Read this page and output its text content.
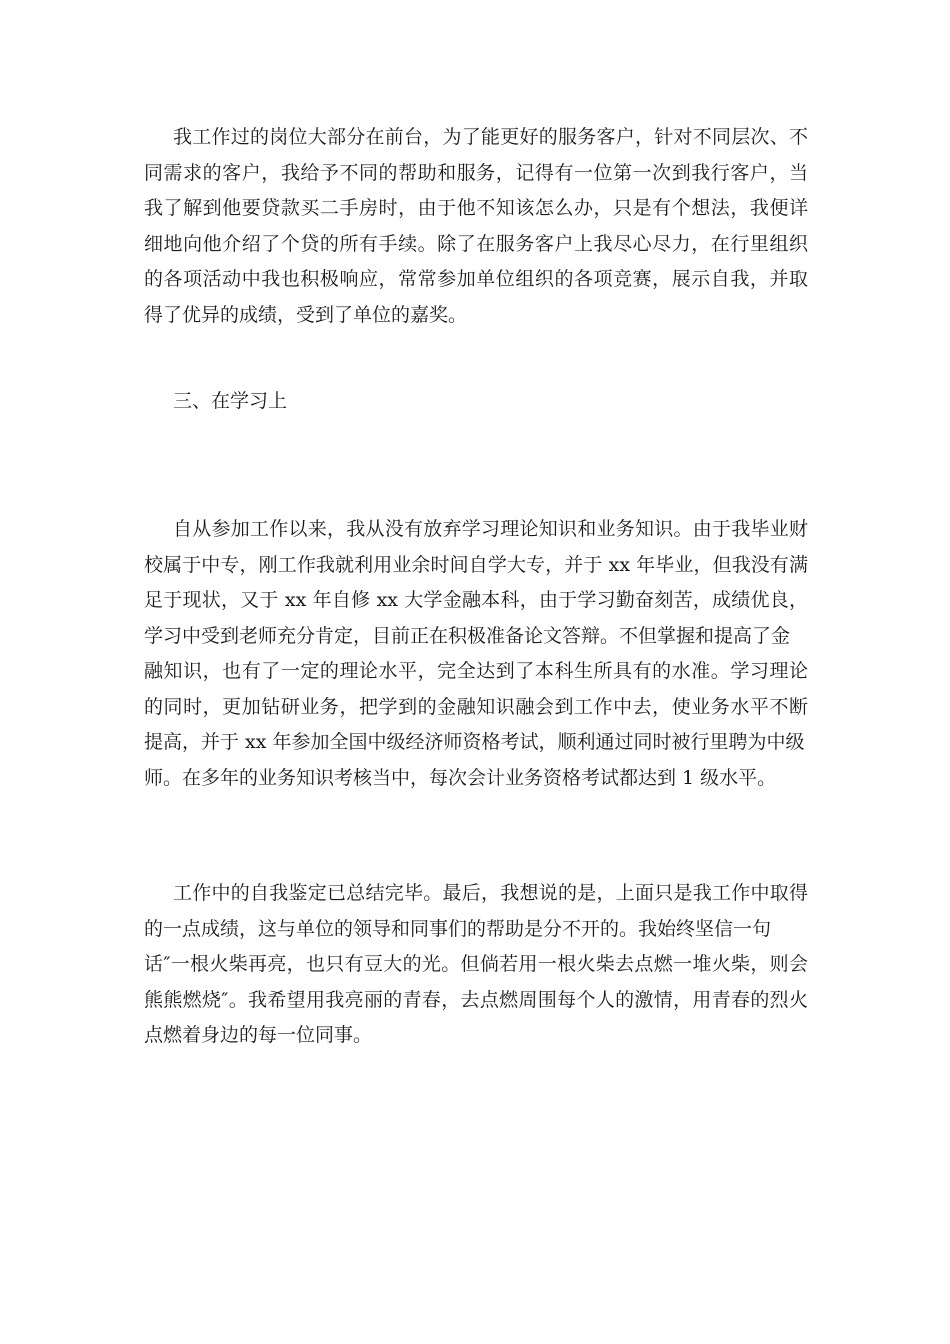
我工作过的岗位大部分在前台，为了能更好的服务客户，针对不同层次、不
同需求的客户，我给予不同的帮助和服务，记得有一位第一次到我行客户，当
我了解到他要贷款买二手房时，由于他不知该怎么办，只是有个想法，我便详
细地向他介绍了个贷的所有手续。除了在服务客户上我尽心尽力，在行里组织
的各项活动中我也积极响应，常常参加单位组织的各项竞赛，展示自我，并取
得了优异的成绩，受到了单位的嘉奖。
三、在学习上
自从参加工作以来，我从没有放弃学习理论知识和业务知识。由于我毕业财
校属于中专，刚工作我就利用业余时间自学大专，并于 xx 年毕业，但我没有满
足于现状，又于 xx 年自修 xx 大学金融本科，由于学习勤奋刻苦，成绩优良，
学习中受到老师充分肯定，目前正在积极准备论文答辩。不但掌握和提高了金
融知识，也有了一定的理论水平，完全达到了本科生所具有的水准。学习理论
的同时，更加钻研业务，把学到的金融知识融会到工作中去，使业务水平不断
提高，并于 xx 年参加全国中级经济师资格考试，顺利通过同时被行里聘为中级
师。在多年的业务知识考核当中，每次会计业务资格考试都达到 1 级水平。
工作中的自我鉴定已总结完毕。最后，我想说的是，上面只是我工作中取得
的一点成绩，这与单位的领导和同事们的帮助是分不开的。我始终坚信一句
话″一根火柴再亮，也只有豆大的光。但倘若用一根火柴去点燃一堆火柴，则会
熊熊燃烧″。我希望用我亮丽的青春，去点燃周围每个人的激情，用青春的烈火
点燃着身边的每一位同事。
